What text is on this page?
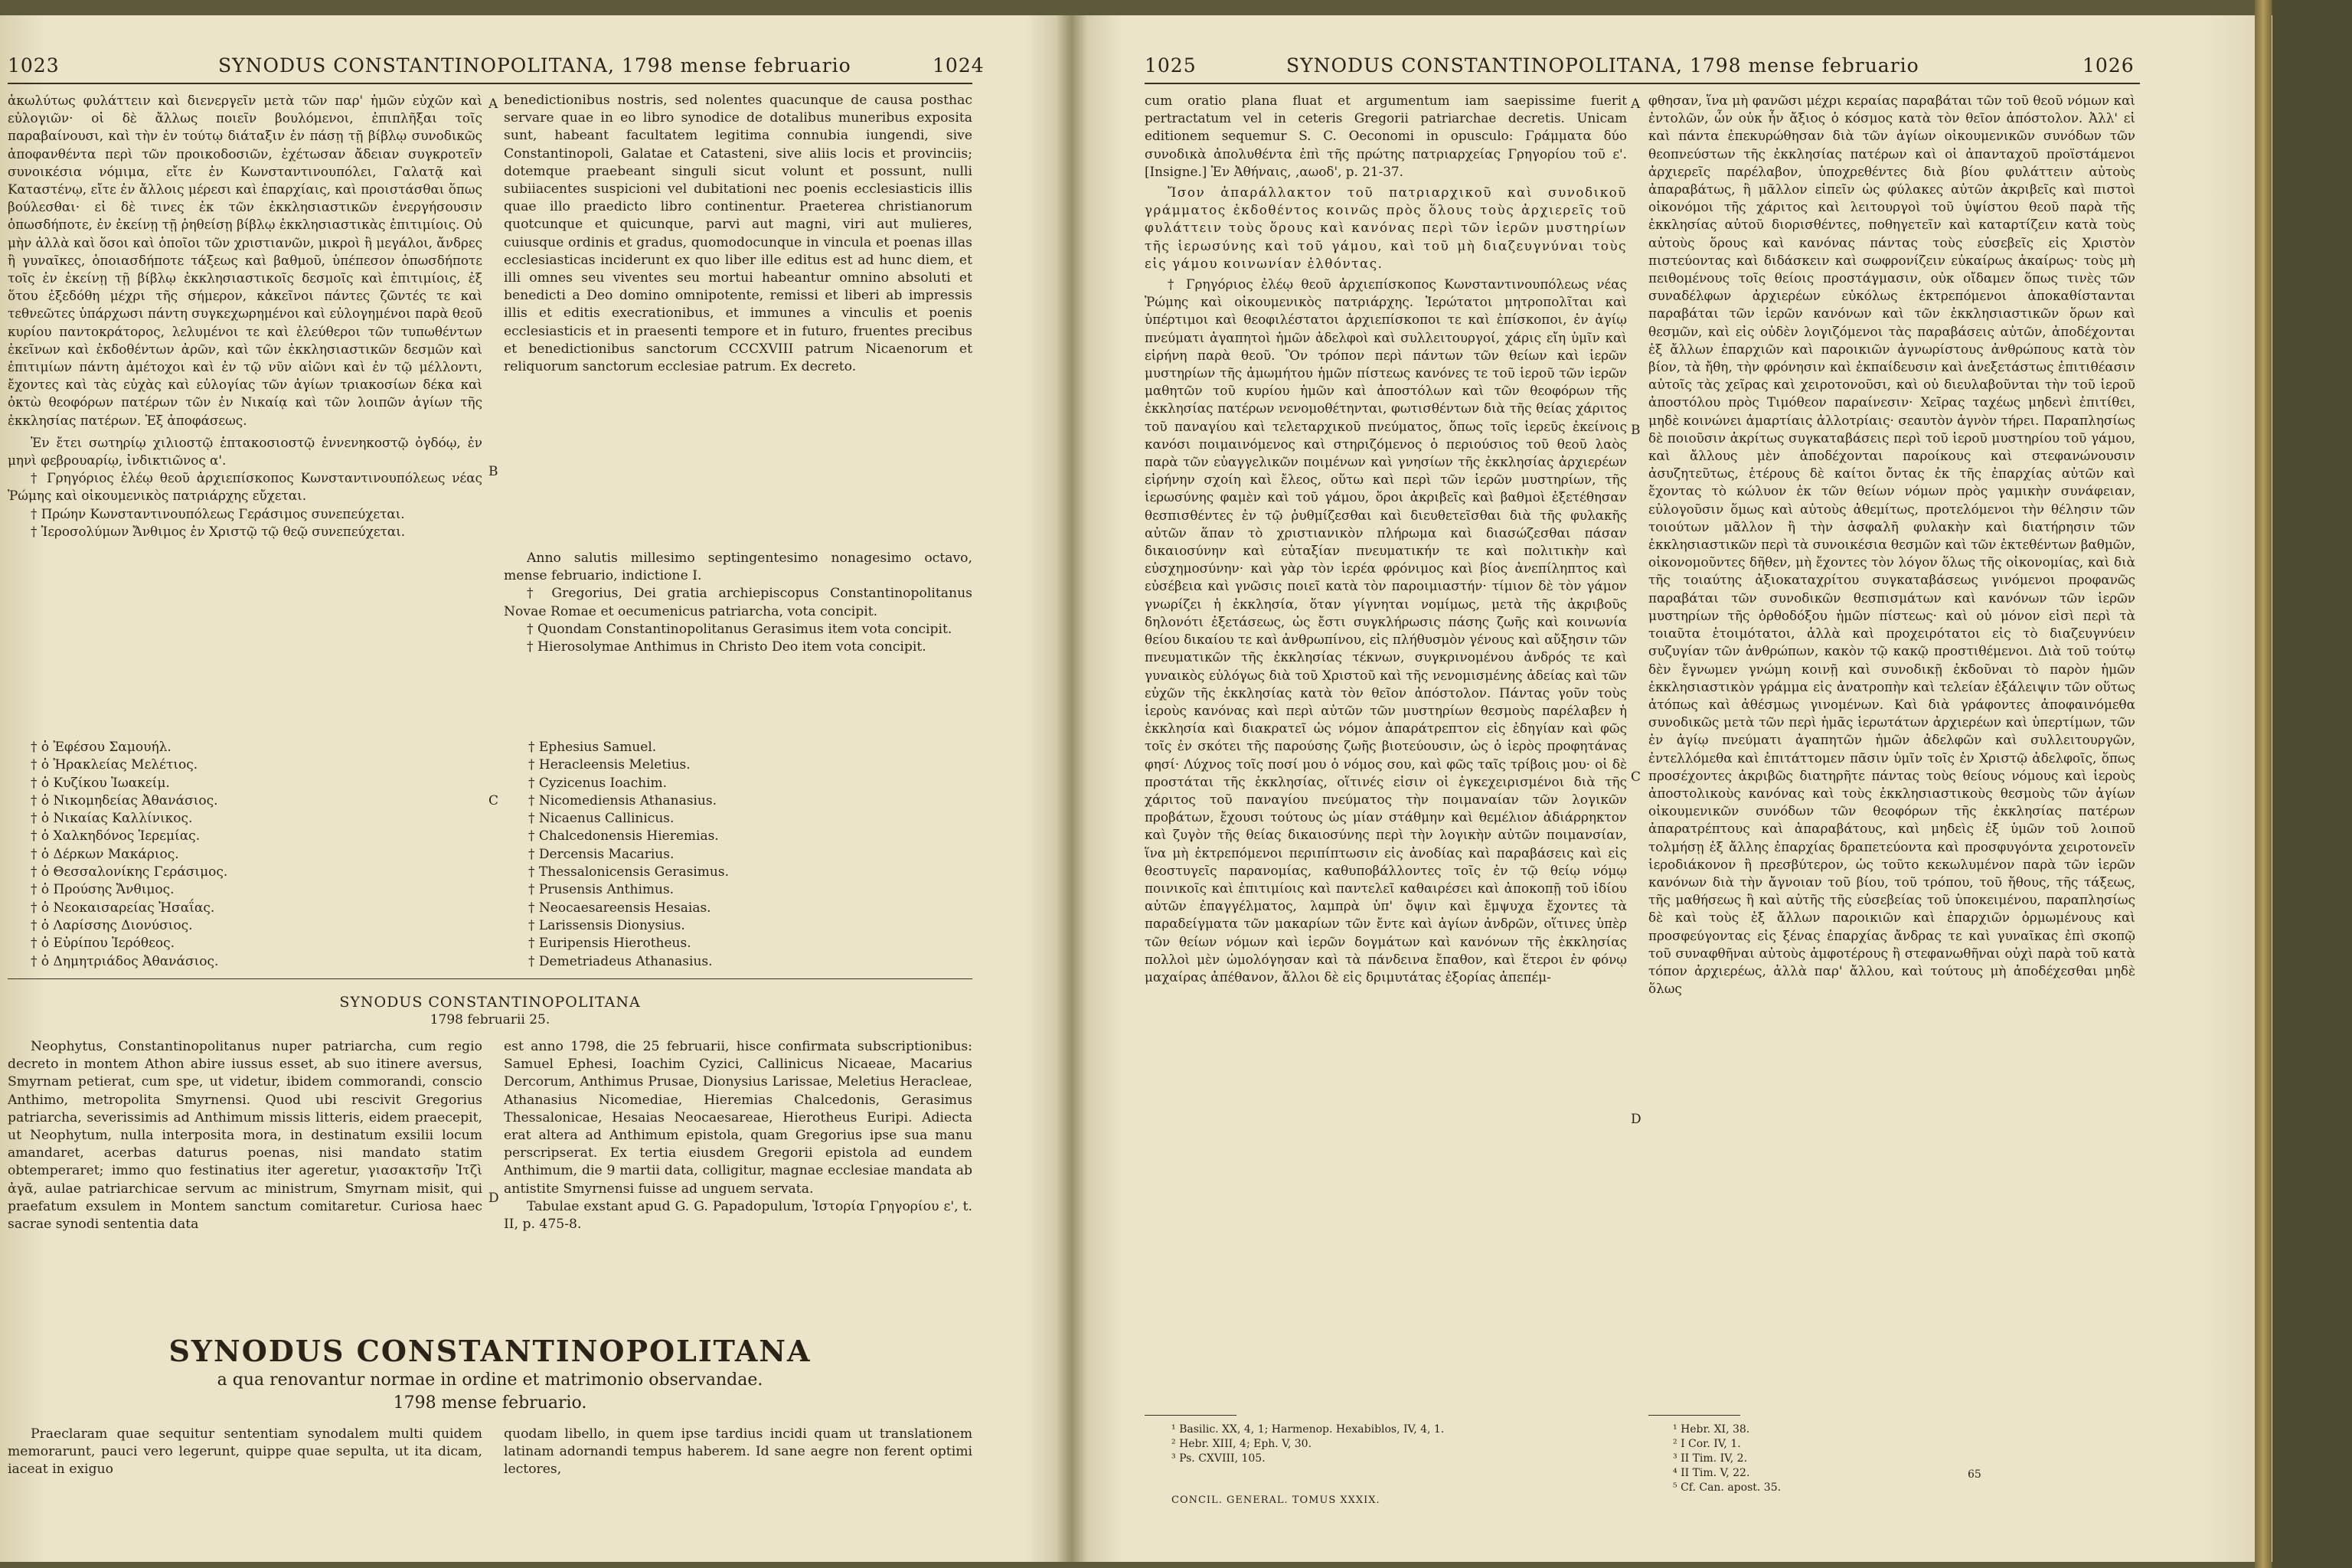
SYNODUS CONSTANTINOPOLITANA, 1798 mense februario
1023	1024

ἀκωλύτως φυλάττειν καὶ διενεργεῖν μετὰ τῶν παρ' ἡμῶν εὐχῶν καὶ εὐλογιῶν· οἱ δὲ ἄλλως ποιεῖν βουλόμενοι, ἐπιπλῆξαι τοῖς παραβαίνουσι, καὶ τὴν ἐν τούτῳ διάταξιν ἐν πάσῃ τῇ βίβλῳ συνοδικῶς ἀποφανθέντα περὶ τῶν προικοδοσιῶν, ἐχέτωσαν ἄδειαν συγκροτεῖν συνοικέσια νόμιμα, εἴτε ἐν Κωνσταντινουπόλει, Γαλατᾷ καὶ Καταστένῳ, εἴτε ἐν ἄλλοις μέρεσι καὶ ἐπαρχίαις, καὶ προιστάσθαι ὅπως βούλεσθαι· εἰ δὲ τινες ἐκ τῶν ἐκκλησιαστικῶν ἐνεργήσουσιν ὁπωσδήποτε, ἐν ἐκείνῃ τῇ ῥηθείσῃ βίβλῳ ἐκκλησιαστικὰς ἐπιτιμίοις. Οὐ μὴν ἀλλὰ καὶ ὅσοι καὶ ὁποῖοι τῶν χριστιανῶν, μικροὶ ἢ μεγάλοι, ἄνδρες ἢ γυναῖκες, ὁποιασδήποτε τάξεως καὶ βαθμοῦ, ὑπέπεσον ὁπωσδήποτε τοῖς ἐν ἐκείνῃ τῇ βίβλῳ ἐκκλησιαστικοῖς δεσμοῖς καὶ ἐπιτιμίοις, ἐξ ὅτου ἐξεδόθη μέχρι τῆς σήμερον, κἀκεῖνοι πάντες ζῶντές τε καὶ τεθνεῶτες ὑπάρχωσι πάντη συγκεχωρημένοι καὶ εὐλογημένοι παρὰ θεοῦ κυρίου παντοκράτορος, λελυμένοι τε καὶ ἐλεύθεροι τῶν τυπωθέντων ἐκεῖνων καὶ ἐκδοθέντων ἀρῶν, καὶ τῶν ἐκκλησιαστικῶν δεσμῶν καὶ ἐπιτιμίων πάντη ἀμέτοχοι καὶ ἐν τῷ νῦν αἰῶνι καὶ ἐν τῷ μέλλοντι, ἔχοντες καὶ τὰς εὐχὰς καὶ εὐλογίας τῶν ἁγίων τριακοσίων δέκα καὶ ὀκτὼ θεοφόρων πατέρων τῶν ἐν Νικαίᾳ καὶ τῶν λοιπῶν ἁγίων τῆς ἐκκλησίας πατέρων. Ἐξ ἀποφάσεως.

Ἐν ἔτει σωτηρίῳ χιλιοστῷ ἑπτακοσιοστῷ ἐννενηκοστῷ ὀγδόῳ, ἐν μηνὶ φεβρουαρίῳ, ἰνδικτιῶνος α'.

† Γρηγόριος ἐλέῳ θεοῦ ἀρχιεπίσκοπος Κωνσταντινουπόλεως νέας Ῥώμης καὶ οἰκουμενικὸς πατριάρχης εὔχεται.

† Πρώην Κωνσταντινουπόλεως Γεράσιμος συνεπεύχεται.

† Ἱεροσολύμων Ἄνθιμος ἐν Χριστῷ τῷ θεῷ συνεπεύχεται.

† ὁ Ἐφέσου Σαμουήλ.
† ὁ Ἡρακλείας Μελέτιος.
† ὁ Κυζίκου Ἰωακείμ.
† ὁ Νικομηδείας Ἀθανάσιος.
† ὁ Νικαίας Καλλίνικος.
† ὁ Χαλκηδόνος Ἱερεμίας.
† ὁ Δέρκων Μακάριος.
† ὁ Θεσσαλονίκης Γεράσιμος.
† ὁ Προύσης Ἄνθιμος.
† ὁ Νεοκαισαρείας Ἠσαΐας.
† ὁ Λαρίσσης Διονύσιος.
† ὁ Εὐρίπου Ἱερόθεος.
† ὁ Δημητριάδος Ἀθανάσιος.
A
B
C
D

benedictionibus nostris, sed nolentes quacunque de causa posthac servare quae in eo libro synodice de dotalibus muneribus exposita sunt, habeant facultatem legitima connubia iungendi, sive Constantinopoli, Galatae et Catasteni, sive aliis locis et provinciis; dotemque praebeant singuli sicut volunt et possunt, nulli subiiacentes suspicioni vel dubitationi nec poenis ecclesiasticis illis quae illo praedicto libro continentur. Praeterea christianorum quotcunque et quicunque, parvi aut magni, viri aut mulieres, cuiusque ordinis et gradus, quomodocunque in vincula et poenas illas ecclesiasticas inciderunt ex quo liber ille editus est ad hunc diem, et illi omnes seu viventes seu mortui habeantur omnino absoluti et benedicti a Deo domino omnipotente, remissi et liberi ab impressis illis et editis execrationibus, et immunes a vinculis et poenis ecclesiasticis et in praesenti tempore et in futuro, fruentes precibus et benedictionibus sanctorum CCCXVIII patrum Nicaenorum et reliquorum sanctorum ecclesiae patrum. Ex decreto.

Anno salutis millesimo septingentesimo nonagesimo octavo, mense februario, indictione I.

† Gregorius, Dei gratia archiepiscopus Constantinopolitanus Novae Romae et oecumenicus patriarcha, vota concipit.

† Quondam Constantinopolitanus Gerasimus item vota concipit.

† Hierosolymae Anthimus in Christo Deo item vota concipit.

† Ephesius Samuel.
† Heracleensis Meletius.
† Cyzicenus Ioachim.
† Nicomediensis Athanasius.
† Nicaenus Callinicus.
† Chalcedonensis Hieremias.
† Dercensis Macarius.
† Thessalonicensis Gerasimus.
† Prusensis Anthimus.
† Neocaesareensis Hesaias.
† Larissensis Dionysius.
† Euripensis Hierotheus.
† Demetriadeus Athanasius.
SYNODUS CONSTANTINOPOLITANA
1798 februarii 25.

Neophytus, Constantinopolitanus nuper patriarcha, cum regio decreto in montem Athon abire iussus esset, ab suo itinere aversus, Smyrnam petierat, cum spe, ut videtur, ibidem commorandi, conscio Anthimo, metropolita Smyrnensi. Quod ubi rescivit Gregorius patriarcha, severissimis ad Anthimum missis litteris, eidem praecepit, ut Neophytum, nulla interposita mora, in destinatum exsilii locum amandaret, acerbas daturus poenas, nisi mandato statim obtemperaret; immo quo festinatius iter ageretur, γιασακτσῆν Ἰτζὶ ἀγᾶ, aulae patriarchicae servum ac ministrum, Smyrnam misit, qui praefatum exsulem in Montem sanctum comitaretur. Curiosa haec sacrae synodi sententia data

est anno 1798, die 25 februarii, hisce confirmata subscriptionibus: Samuel Ephesi, Ioachim Cyzici, Callinicus Nicaeae, Macarius Dercorum, Anthimus Prusae, Dionysius Larissae, Meletius Heracleae, Athanasius Nicomediae, Hieremias Chalcedonis, Gerasimus Thessalonicae, Hesaias Neocaesareae, Hierotheus Euripi. Adiecta erat altera ad Anthimum epistola, quam Gregorius ipse sua manu perscripserat. Ex tertia eiusdem Gregorii epistola ad eundem Anthimum, die 9 martii data, colligitur, magnae ecclesiae mandata ab antistite Smyrnensi fuisse ad unguem servata.

Tabulae exstant apud G. G. Papadopulum, Ἱστορία Γρηγορίου ε', t. II, p. 475-8.

SYNODUS CONSTANTINOPOLITANA
a qua renovantur normae in ordine et matrimonio observandae.
1798 mense februario.

Praeclaram quae sequitur sententiam synodalem multi quidem memorarunt, pauci vero legerunt, quippe quae sepulta, ut ita dicam, iaceat in exiguo

quodam libello, in quem ipse tardius incidi quam ut translationem latinam adornandi tempus haberem. Id sane aegre non ferent optimi lectores,

SYNODUS CONSTANTINOPOLITANA, 1798 mense februario
1025	1026

cum oratio plana fluat et argumentum iam saepissime fuerit pertractatum vel in ceteris Gregorii patriarchae decretis. Unicam editionem sequemur S. C. Oeconomi in opusculo: Γράμματα δύο συνοδικὰ ἀπολυθέντα ἐπὶ τῆς πρώτης πατριαρχείας Γρηγορίου τοῦ ε'. [Insigne.] Ἐν Ἀθήναις, ,αωοδ', p. 21-37.

Ἴσον ἀπαράλλακτον τοῦ πατριαρχικοῦ καὶ συνοδικοῦ γράμματος ἐκδοθέντος κοινῶς πρὸς ὅλους τοὺς ἀρχιερεῖς τοῦ φυλάττειν τοὺς ὅρους καὶ κανόνας περὶ τῶν ἱερῶν μυστηρίων τῆς ἱερωσύνης καὶ τοῦ γάμου, καὶ τοῦ μὴ διαζευγνύναι τοὺς εἰς γάμου κοινωνίαν ἐλθόντας.

† Γρηγόριος ἐλέῳ θεοῦ ἀρχιεπίσκοπος Κωνσταντινουπόλεως νέας Ῥώμης καὶ οἰκουμενικὸς πατριάρχης. Ἱερώτατοι μητροπολῖται καὶ ὑπέρτιμοι καὶ θεοφιλέστατοι ἀρχιεπίσκοποι τε καὶ ἐπίσκοποι, ἐν ἁγίῳ πνεύματι ἀγαπητοὶ ἡμῶν ἀδελφοὶ καὶ συλλειτουργοί, χάρις εἴη ὑμῖν καὶ εἰρήνη παρὰ θεοῦ. Ὃν τρόπον περὶ πάντων τῶν θείων καὶ ἱερῶν μυστηρίων τῆς ἀμωμήτου ἡμῶν πίστεως κανόνες τε τοῦ ἱεροῦ τῶν ἱερῶν μαθητῶν τοῦ κυρίου ἡμῶν καὶ ἀποστόλων καὶ τῶν θεοφόρων τῆς ἐκκλησίας πατέρων νενομοθέτηνται, φωτισθέντων διὰ τῆς θείας χάριτος τοῦ παναγίου καὶ τελεταρχικοῦ πνεύματος, ὅπως τοῖς ἱερεῦς ἐκείνοις κανόσι ποιμαινόμενος καὶ στηριζόμενος ὁ περιούσιος τοῦ θεοῦ λαὸς παρὰ τῶν εὐαγγελικῶν ποιμένων καὶ γνησίων τῆς ἐκκλησίας ἀρχιερέων εἰρήνην σχοίη καὶ ἔλεος, οὕτω καὶ περὶ τῶν ἱερῶν μυστηρίων, τῆς ἱερωσύνης φαμὲν καὶ τοῦ γάμου, ὅροι ἀκριβεῖς καὶ βαθμοὶ ἐξετέθησαν θεσπισθέντες ἐν τῷ ῥυθμίζεσθαι καὶ διευθετεῖσθαι διὰ τῆς φυλακῆς αὐτῶν ἅπαν τὸ χριστιανικὸν πλήρωμα καὶ διασώζεσθαι πάσαν δικαιοσύνην καὶ εὐταξίαν πνευματικήν τε καὶ πολιτικὴν καὶ εὐσχημοσύνην· καὶ γὰρ τὸν ἱερέα φρόνιμος καὶ βίος ἀνεπίληπτος καὶ εὐσέβεια καὶ γνῶσις ποιεῖ κατὰ τὸν παροιμιαστήν· τίμιον δὲ τὸν γάμον γνωρίζει ἡ ἐκκλησία, ὅταν γίγνηται νομίμως, μετὰ τῆς ἀκριβοῦς δηλονότι ἐξετάσεως, ὡς ἔστι συγκλήρωσις πάσης ζωῆς καὶ κοινωνία θείου δικαίου τε καὶ ἀνθρωπίνου, εἰς πλήθυσμὸν γένους καὶ αὔξησιν τῶν πνευματικῶν τῆς ἐκκλησίας τέκνων, συγκρινομένου ἀνδρός τε καὶ γυναικὸς εὐλόγως διὰ τοῦ Χριστοῦ καὶ τῆς νενομισμένης ἀδείας καὶ τῶν εὐχῶν τῆς ἐκκλησίας κατὰ τὸν θεῖον ἀπόστολον. Πάντας γοῦν τοὺς ἱεροὺς κανόνας καὶ περὶ αὐτῶν τῶν μυστηρίων θεσμοὺς παρέλαβεν ἡ ἐκκλησία καὶ διακρατεῖ ὡς νόμον ἀπαράτρεπτον εἰς ἐδηγίαν καὶ φῶς τοῖς ἐν σκότει τῆς παρούσης ζωῆς βιοτεύουσιν, ὡς ὁ ἱερὸς προφητάνας φησί· Λύχνος τοῖς ποσί μου ὁ νόμος σου, καὶ φῶς ταῖς τρίβοις μου· οἱ δὲ προστάται τῆς ἐκκλησίας, οἵτινές εἰσιν οἱ ἐγκεχειρισμένοι διὰ τῆς χάριτος τοῦ παναγίου πνεύματος τὴν ποιμαναίαν τῶν λογικῶν προβάτων, ἔχουσι τούτους ὡς μίαν στάθμην καὶ θεμέλιον ἀδιάρρηκτον καὶ ζυγὸν τῆς θείας δικαιοσύνης περὶ τὴν λογικὴν αὐτῶν ποιμανσίαν, ἵνα μὴ ἐκτρεπόμενοι περιπίπτωσιν εἰς ἀνοδίας καὶ παραβάσεις καὶ εἰς θεοστυγεῖς παρανομίας, καθυποβάλλοντες τοῖς ἐν τῷ θείῳ νόμῳ ποινικοῖς καὶ ἐπιτιμίοις καὶ παντελεῖ καθαιρέσει καὶ ἀποκοπῇ τοῦ ἰδίου αὐτῶν ἐπαγγέλματος, λαμπρὰ ὑπ' ὄψιν καὶ ἔμψυχα ἔχοντες τὰ παραδείγματα τῶν μακαρίων τῶν ἔντε καὶ ἁγίων ἀνδρῶν, οἵτινες ὑπὲρ τῶν θείων νόμων καὶ ἱερῶν δογμάτων καὶ κανόνων τῆς ἐκκλησίας πολλοὶ μὲν ὠμολόγησαν καὶ τὰ πάνδεινα ἔπαθον, καὶ ἕτεροι ἐν φόνῳ μαχαίρας ἀπέθανον, ἄλλοι δὲ εἰς δριμυτάτας ἐξορίας ἀπεπέμ-

A
B
C
D

φθησαν, ἵνα μὴ φανῶσι μέχρι κεραίας παραβάται τῶν τοῦ θεοῦ νόμων καὶ ἐντολῶν, ὧν οὐκ ἦν ἄξιος ὁ κόσμος κατὰ τὸν θεῖον ἀπόστολον. Ἀλλ' εἰ καὶ πάντα ἐπεκυρώθησαν διὰ τῶν ἁγίων οἰκουμενικῶν συνόδων τῶν θεοπνεύστων τῆς ἐκκλησίας πατέρων καὶ οἱ ἀπανταχοῦ προϊστάμενοι ἀρχιερεῖς παρέλαβον, ὑποχρεθέντες διὰ βίου φυλάττειν αὐτοὺς ἀπαραβάτως, ἢ μᾶλλον εἰπεῖν ὡς φύλακες αὐτῶν ἀκριβεῖς καὶ πιστοὶ οἰκονόμοι τῆς χάριτος καὶ λειτουργοὶ τοῦ ὑψίστου θεοῦ παρὰ τῆς ἐκκλησίας αὐτοῦ διορισθέντες, ποθηγετεῖν καὶ καταρτίζειν κατὰ τοὺς αὐτοὺς ὅρους καὶ κανόνας πάντας τοὺς εὐσεβεῖς εἰς Χριστὸν πιστεύοντας καὶ διδάσκειν καὶ σωφρονίζειν εὐκαίρως ἀκαίρως· τοὺς μὴ πειθομένους τοῖς θείοις προστάγμασιν, οὐκ οἴδαμεν ὅπως τινὲς τῶν συναδέλφων ἀρχιερέων εὐκόλως ἐκτρεπόμενοι ἀποκαθίστανται παραβάται τῶν ἱερῶν κανόνων καὶ τῶν ἐκκλησιαστικῶν ὅρων καὶ θεσμῶν, καὶ εἰς οὐδὲν λογιζόμενοι τὰς παραβάσεις αὐτῶν, ἀποδέχονται ἐξ ἄλλων ἐπαρχιῶν καὶ παροικιῶν ἀγνωρίστους ἀνθρώπους κατὰ τὸν βίον, τὰ ἤθη, τὴν φρόνησιν καὶ ἐκπαίδευσιν καὶ ἀνεξετάστως ἐπιτιθέασιν αὐτοῖς τὰς χεῖρας καὶ χειροτονοῦσι, καὶ οὐ διευλαβοῦνται τὴν τοῦ ἱεροῦ ἀποστόλου πρὸς Τιμόθεον παραίνεσιν· Χεῖρας ταχέως μηδενὶ ἐπιτίθει, μηδὲ κοινώνει ἁμαρτίαις ἀλλοτρίαις· σεαυτὸν ἁγνὸν τήρει. Παραπλησίως δὲ ποιοῦσιν ἀκρίτως συγκαταβάσεις περὶ τοῦ ἱεροῦ μυστηρίου τοῦ γάμου, καὶ ἄλλους μὲν ἀποδέχονται παροίκους καὶ στεφανώνουσιν ἀσυζητεῦτως, ἑτέρους δὲ καίτοι ὄντας ἐκ τῆς ἐπαρχίας αὐτῶν καὶ ἔχοντας τὸ κώλυον ἐκ τῶν θείων νόμων πρὸς γαμικὴν συνάφειαν, εὐλογοῦσιν ὅμως καὶ αὐτοὺς ἀθεμίτως, προτελόμενοι τὴν θέλησιν τῶν τοιούτων μᾶλλον ἢ τὴν ἀσφαλῆ φυλακὴν καὶ διατήρησιν τῶν ἐκκλησιαστικῶν περὶ τὰ συνοικέσια θεσμῶν καὶ τῶν ἐκτεθέντων βαθμῶν, οἰκονομοῦντες δῆθεν, μὴ ἔχοντες τὸν λόγον ὅλως τῆς οἰκονομίας, καὶ διὰ τῆς τοιαύτης ἀξιοκαταχρίτου συγκαταβάσεως γινόμενοι προφανῶς παραβάται τῶν συνοδικῶν θεσπισμάτων καὶ κανόνων τῶν ἱερῶν μυστηρίων τῆς ὀρθοδόξου ἡμῶν πίστεως· καὶ οὐ μόνον εἰσὶ περὶ τὰ τοιαῦτα ἑτοιμότατοι, ἀλλὰ καὶ προχειρότατοι εἰς τὸ διαζευγνύειν συζυγίαν τῶν ἀνθρώπων, κακὸν τῷ κακῷ προστιθέμενοι. Διὰ τοῦ τούτῳ δὲν ἔγνωμεν γνώμη κοινῇ καὶ συνοδικῇ ἐκδοῦναι τὸ παρὸν ἡμῶν ἐκκλησιαστικὸν γράμμα εἰς ἀνατροπὴν καὶ τελείαν ἐξάλειψιν τῶν οὕτως ἀτόπως καὶ ἀθέσμως γινομένων. Καὶ διὰ γράφοντες ἀποφαινόμεθα συνοδικῶς μετὰ τῶν περὶ ἡμᾶς ἱερωτάτων ἀρχιερέων καὶ ὑπερτίμων, τῶν ἐν ἁγίῳ πνεύματι ἀγαπητῶν ἡμῶν ἀδελφῶν καὶ συλλειτουργῶν, ἐντελλόμεθα καὶ ἐπιτάττομεν πᾶσιν ὑμῖν τοῖς ἐν Χριστῷ ἀδελφοῖς, ὅπως προσέχοντες ἀκριβῶς διατηρῆτε πάντας τοὺς θείους νόμους καὶ ἱεροὺς ἀποστολικοὺς κανόνας καὶ τοὺς ἐκκλησιαστικοὺς θεσμοὺς τῶν ἁγίων οἰκουμενικῶν συνόδων τῶν θεοφόρων τῆς ἐκκλησίας πατέρων ἀπαρατρέπτους καὶ ἀπαραβάτους, καὶ μηδεὶς ἐξ ὑμῶν τοῦ λοιποῦ τολμήσῃ ἐξ ἄλλης ἐπαρχίας δραπετεύοντα καὶ προσφυγόντα χειροτονεῖν ἱεροδιάκονον ἢ πρεσβύτερον, ὡς τοῦτο κεκωλυμένον παρὰ τῶν ἱερῶν κανόνων διὰ τὴν ἄγνοιαν τοῦ βίου, τοῦ τρόπου, τοῦ ἤθους, τῆς τάξεως, τῆς μαθήσεως ἢ καὶ αὐτῆς τῆς εὐσεβείας τοῦ ὑποκειμένου, παραπλησίως δὲ καὶ τοὺς ἐξ ἄλλων παροικιῶν καὶ ἐπαρχιῶν ὁρμωμένους καὶ προσφεύγοντας εἰς ξένας ἐπαρχίας ἄνδρας τε καὶ γυναῖκας ἐπὶ σκοπῷ τοῦ συναφθῆναι αὐτοὺς ἀμφοτέρους ἢ στεφανωθῆναι οὐχὶ παρὰ τοῦ κατὰ τόπον ἀρχιερέως, ἀλλὰ παρ' ἄλλου, καὶ τούτους μὴ ἀποδέχεσθαι μηδὲ ὅλως

¹ Basilic. XX, 4, 1; Harmenop. Hexabiblos, IV, 4, 1.
² Hebr. XIII, 4; Eph. V, 30.
³ Ps. CXVIII, 105.
¹ Hebr. XI, 38.
² I Cor. IV, 1.
³ II Tim. IV, 2.
⁴ II Tim. V, 22.
⁵ Cf. Can. apost. 35.
CONCIL. GENERAL. TOMUS XXXIX.
65
